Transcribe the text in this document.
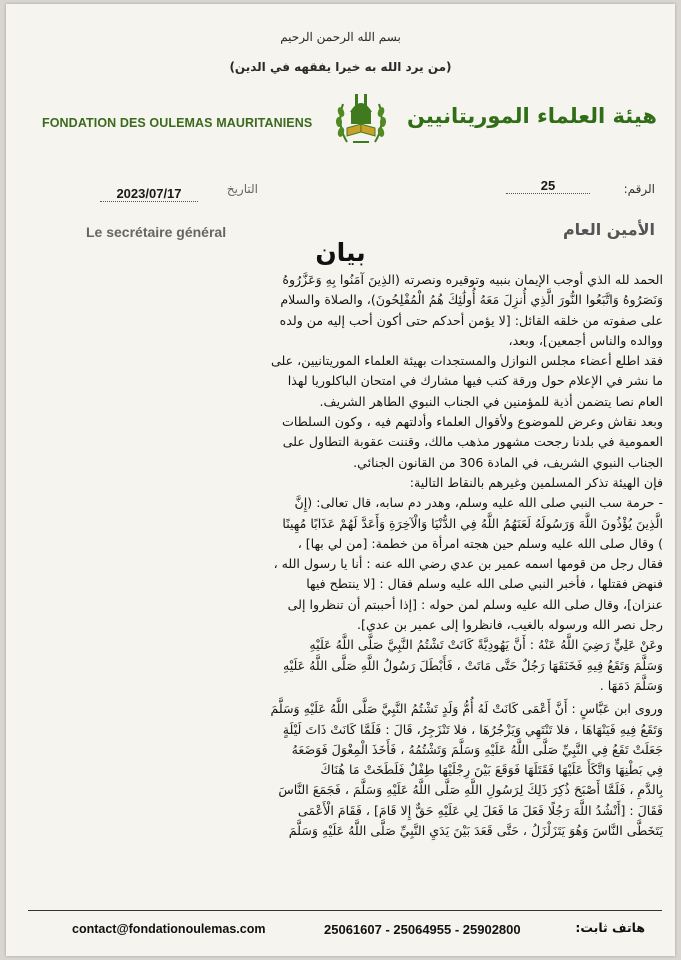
بسم الله الرحمن الرحيم
(من يرد الله به خيرا يفقهه في الدين)
FONDATION DES OULEMAS MAURITANIENS	هيئة العلماء الموريتانيين
الرقم:
25
2023/07/17	التاريخ
Le secrétaire général	الأمين العام
بيان

الحمد لله الذي أوجب الإيمان بنبيه وتوقيره ونصرته (الذِينَ آمَنُوا بِهِ وَعَزَّرُوهُ

وَنَصَرُوهُ وَاتَّبَعُوا النُّورَ الَّذِي أُنزِلَ مَعَهُ أُولَٰئِكَ هُمُ الْمُفْلِحُونَ)، والصلاة والسلام

على صفوته من خلقه القائل: [لا يؤمن أحدكم حتى أكون أحب إليه من ولده

ووالده والناس أجمعين]، وبعد،

فقد اطلع أعضاء مجلس النوازل والمستجدات بهيئة العلماء الموريتانيين، على

ما نشر في الإعلام حول ورقة كتب فيها مشارك في امتحان الباكلوريا لهذا

العام نصا يتضمن أذية للمؤمنين في الجناب النبوي الطاهر الشريف.

وبعد نقاش وعرض للموضوع ولأقوال العلماء وأدلتهم فيه ، وكون السلطات

العمومية في بلدنا رجحت مشهور مذهب مالك، وقننت عقوبة التطاول على

الجناب النبوي الشريف، في المادة 306 من القانون الجنائي.

فإن الهيئة تذكر المسلمين وغيرهم بالنقاط التالية:

- حرمة سب النبي صلى الله عليه وسلم، وهدر دم سابه، قال تعالى: (إِنَّ

الَّذِينَ يُؤْذُونَ اللَّهَ وَرَسُولَهُ لَعَنَهُمُ اللَّهُ فِي الدُّنْيَا وَالْآخِرَةِ وَأَعَدَّ لَهُمْ عَذَابًا مُهِينًا

) وقال صلى الله عليه وسلم حين هجته امرأة من خطمة: [من لي بها] ،

فقال رجل من قومها اسمه عمير بن عدي رضي الله عنه : أنا يا رسول الله ،

فنهض فقتلها ، فأخبر النبي صلى الله عليه وسلم فقال : [لا ينتطح فيها

عنزان]، وقال صلى الله عليه وسلم لمن حوله : [إذا أحببتم أن تنظروا إلى

رجل نصر الله ورسوله بالغيب، فانظروا إلى عمير بن عدي].

وعَنْ عَلِيٍّ رَضِيَ اللَّهُ عَنْهُ : أَنَّ يَهُودِيَّةً كَانَتْ تَشْتُمُ النَّبِيَّ صَلَّى اللَّهُ عَلَيْهِ

وَسَلَّمَ وَتَقَعُ فِيهِ فَخَنَقَهَا رَجُلٌ حَتَّى مَاتَتْ ، فَأَبْطَلَ رَسُولُ اللَّهِ صَلَّى اللَّهُ عَلَيْهِ

وَسَلَّمَ دَمَهَا .

وروى ابن عَبَّاسٍ : أَنَّ أَعْمَى كَانَتْ لَهُ أُمُّ وَلَدٍ تَشْتُمُ النَّبِيَّ صَلَّى اللَّهُ عَلَيْهِ وَسَلَّمَ

وَتَقَعُ فِيهِ فَيَنْهَاهَا ، فلا تَنْتَهِي وَيَزْجُرُهَا ، فلا تَنْزَجِرُ، قَالَ : فَلَمَّا كَانَتْ ذَاتَ لَيْلَةٍ

جَعَلَتْ تَقَعُ فِي النَّبِيِّ صَلَّى اللَّهُ عَلَيْهِ وَسَلَّمَ وَتَشْتُمُهُ ، فَأَخَذَ الْمِغْوَلَ فَوَضَعَهُ

فِي بَطْنِهَا وَاتَّكَأَ عَلَيْهَا فَقَتَلَهَا فَوَقَعَ بَيْنَ رِجْلَيْهَا طِفْلٌ فَلَطَخَتْ مَا هُنَاكَ

بِالدَّمِ ، فَلَمَّا أَصْبَحَ ذُكِرَ ذَلِكَ لِرَسُولِ اللَّهِ صَلَّى اللَّهُ عَلَيْهِ وَسَلَّمَ ، فَجَمَعَ النَّاسَ

فَقَالَ : [أَنْشُدُ اللَّهَ رَجُلًا فَعَلَ مَا فَعَلَ لِي عَلَيْهِ حَقٌّ إِلا قَامَ] ، فَقَامَ الْأَعْمَى

يَتَخَطَّى النَّاسَ وَهُوَ يَتَزَلْزَلُ ، حَتَّى قَعَدَ بَيْنَ يَدَيِ النَّبِيِّ صَلَّى اللَّهُ عَلَيْهِ وَسَلَّمَ

contact@fondationoulemas.com	25061607 - 25064955 - 25902800	هاتف ثابت:
